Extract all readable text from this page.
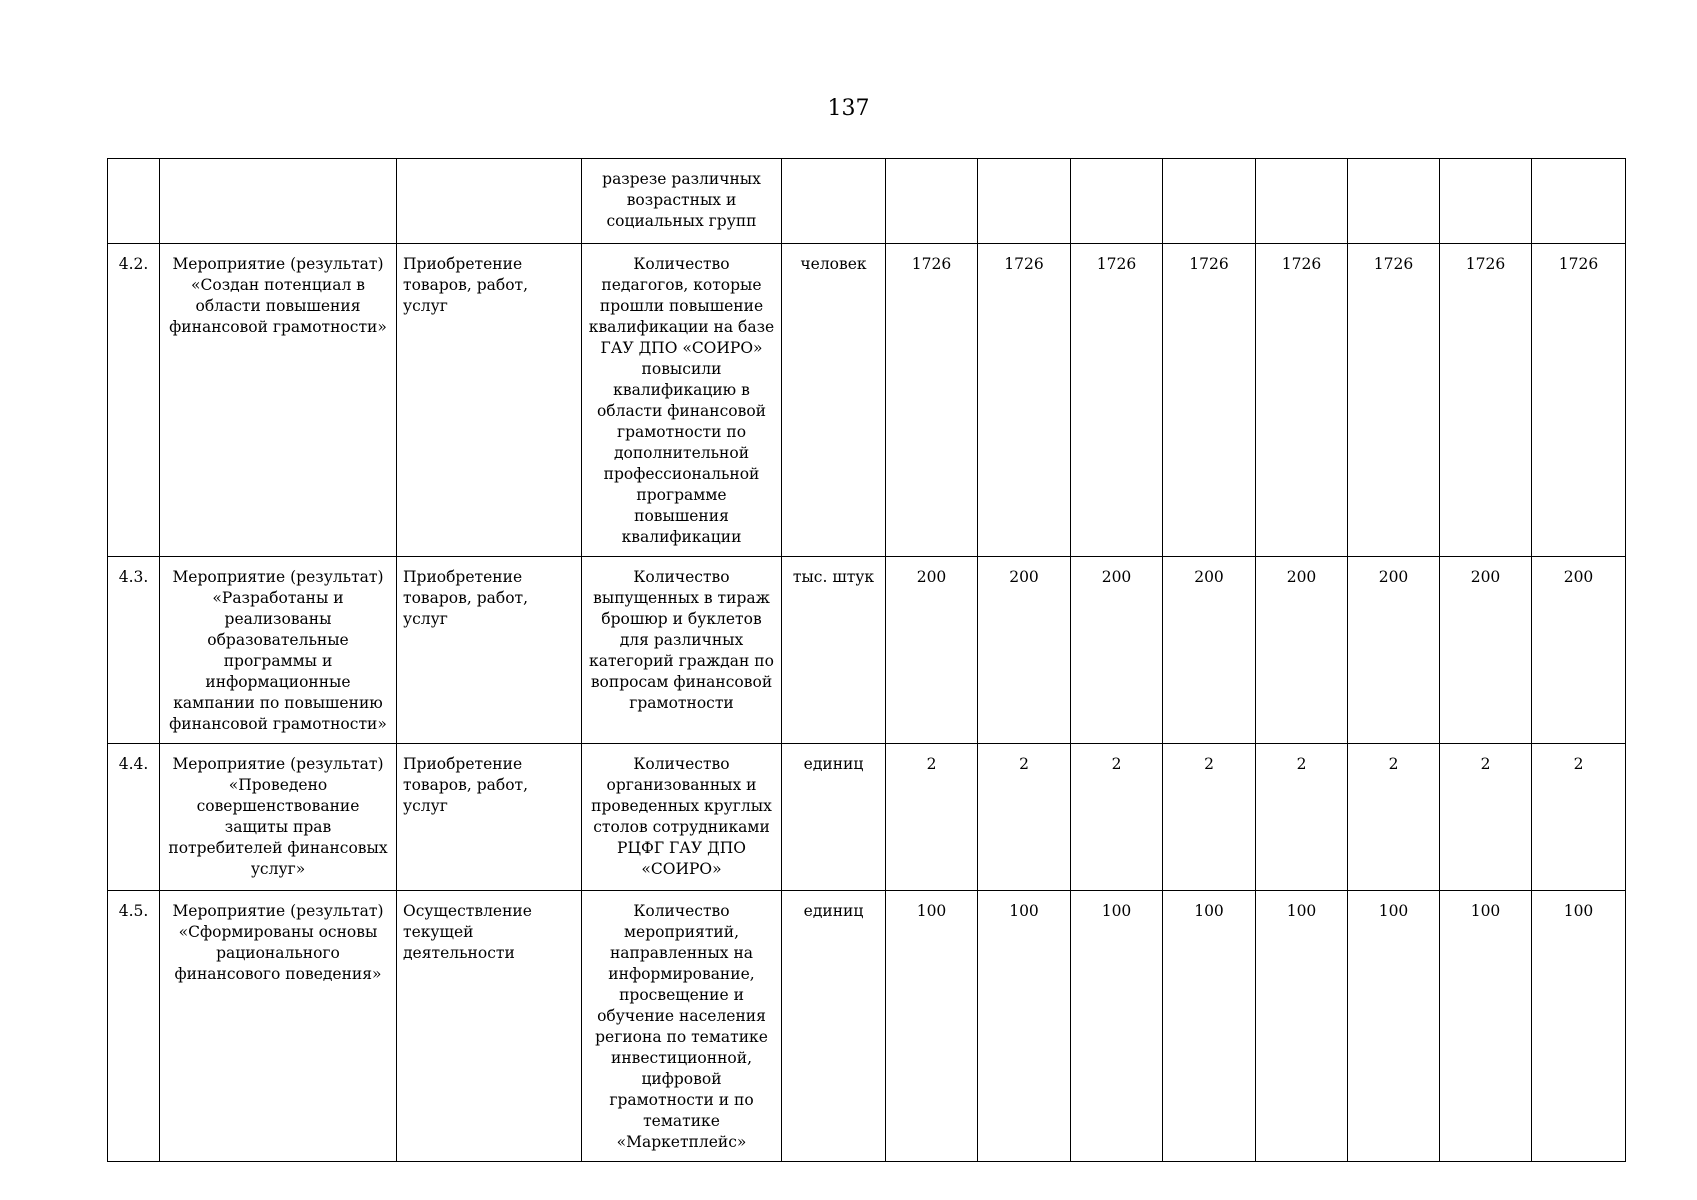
137
			разрезе различных возрастных и социальных групп									
4.2.	Мероприятие (результат) «Создан потенциал в области повышения финансовой грамотности»	Приобретение товаров, работ, услуг	Количество педагогов, которые прошли повышение квалификации на базе ГАУ ДПО «СОИРО» повысили квалификацию в области финансовой грамотности по дополнительной профессиональной программе повышения квалификации	человек	1726	1726	1726	1726	1726	1726	1726	1726
4.3.	Мероприятие (результат) «Разработаны и реализованы образовательные программы и информационные кампании по повышению финансовой грамотности»	Приобретение товаров, работ, услуг	Количество выпущенных в тираж брошюр и буклетов для различных категорий граждан по вопросам финансовой грамотности	тыс. штук	200	200	200	200	200	200	200	200
4.4.	Мероприятие (результат) «Проведено совершенствование защиты прав потребителей финансовых услуг»	Приобретение товаров, работ, услуг	Количество организованных и проведенных круглых столов сотрудниками РЦФГ ГАУ ДПО «СОИРО»	единиц	2	2	2	2	2	2	2	2
4.5.	Мероприятие (результат) «Сформированы основы рационального финансового поведения»	Осуществление текущей деятельности	Количество мероприятий, направленных на информирование, просвещение и обучение населения региона по тематике инвестиционной, цифровой грамотности и по тематике «Маркетплейс»	единиц	100	100	100	100	100	100	100	100
